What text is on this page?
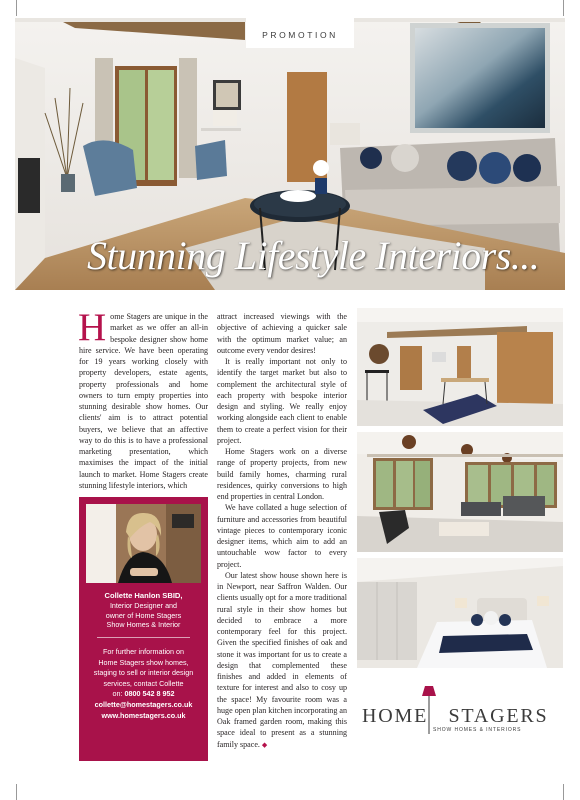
PROMOTION
Stunning Lifestyle Interiors...

Home Stagers are unique in the market as we offer an all-in bespoke designer show home hire service. We have been operating for 19 years working closely with property developers, estate agents, property professionals and home owners to turn empty properties into stunning desirable show homes. Our clients' aim is to attract potential buyers, we believe that an affective way to do this is to have a professional marketing presentation, which maximises the impact of the initial launch to market. Home Stagers create stunning lifestyle interiors, which

Collette Hanlon SBID,
Interior Designer and
owner of Home Stagers
Show Homes & Interior
For further information on
Home Stagers show homes,
staging to sell or interior design
services, contact Collette
on: 0800 542 8 952
collette@homestagers.co.uk
www.homestagers.co.uk

attract increased viewings with the objective of achieving a quicker sale with the optimum market value; an outcome every vendor desires!

It is really important not only to identify the target market but also to complement the architectural style of each property with bespoke interior design and styling. We really enjoy working alongside each client to enable them to create a perfect vision for their project.

Home Stagers work on a diverse range of property projects, from new build family homes, charming rural residences, quirky conversions to high end properties in central London.

We have collated a huge selection of furniture and accessories from beautiful vintage pieces to contemporary iconic designer items, which aim to add an untouchable wow factor to every project.

Our latest show house shown here is in Newport, near Saffron Walden. Our clients usually opt for a more traditional rural style in their show homes but decided to embrace a more contemporary feel for this project. Given the specified finishes of oak and stone it was important for us to create a design that complemented these finishes and added in elements of texture for interest and also to cosy up the space! My favourite room was a huge open plan kitchen incorporating an Oak framed garden room, making this space ideal to present as a stunning family space. ◆

HOME STAGERS
SHOW HOMES & INTERIORS
